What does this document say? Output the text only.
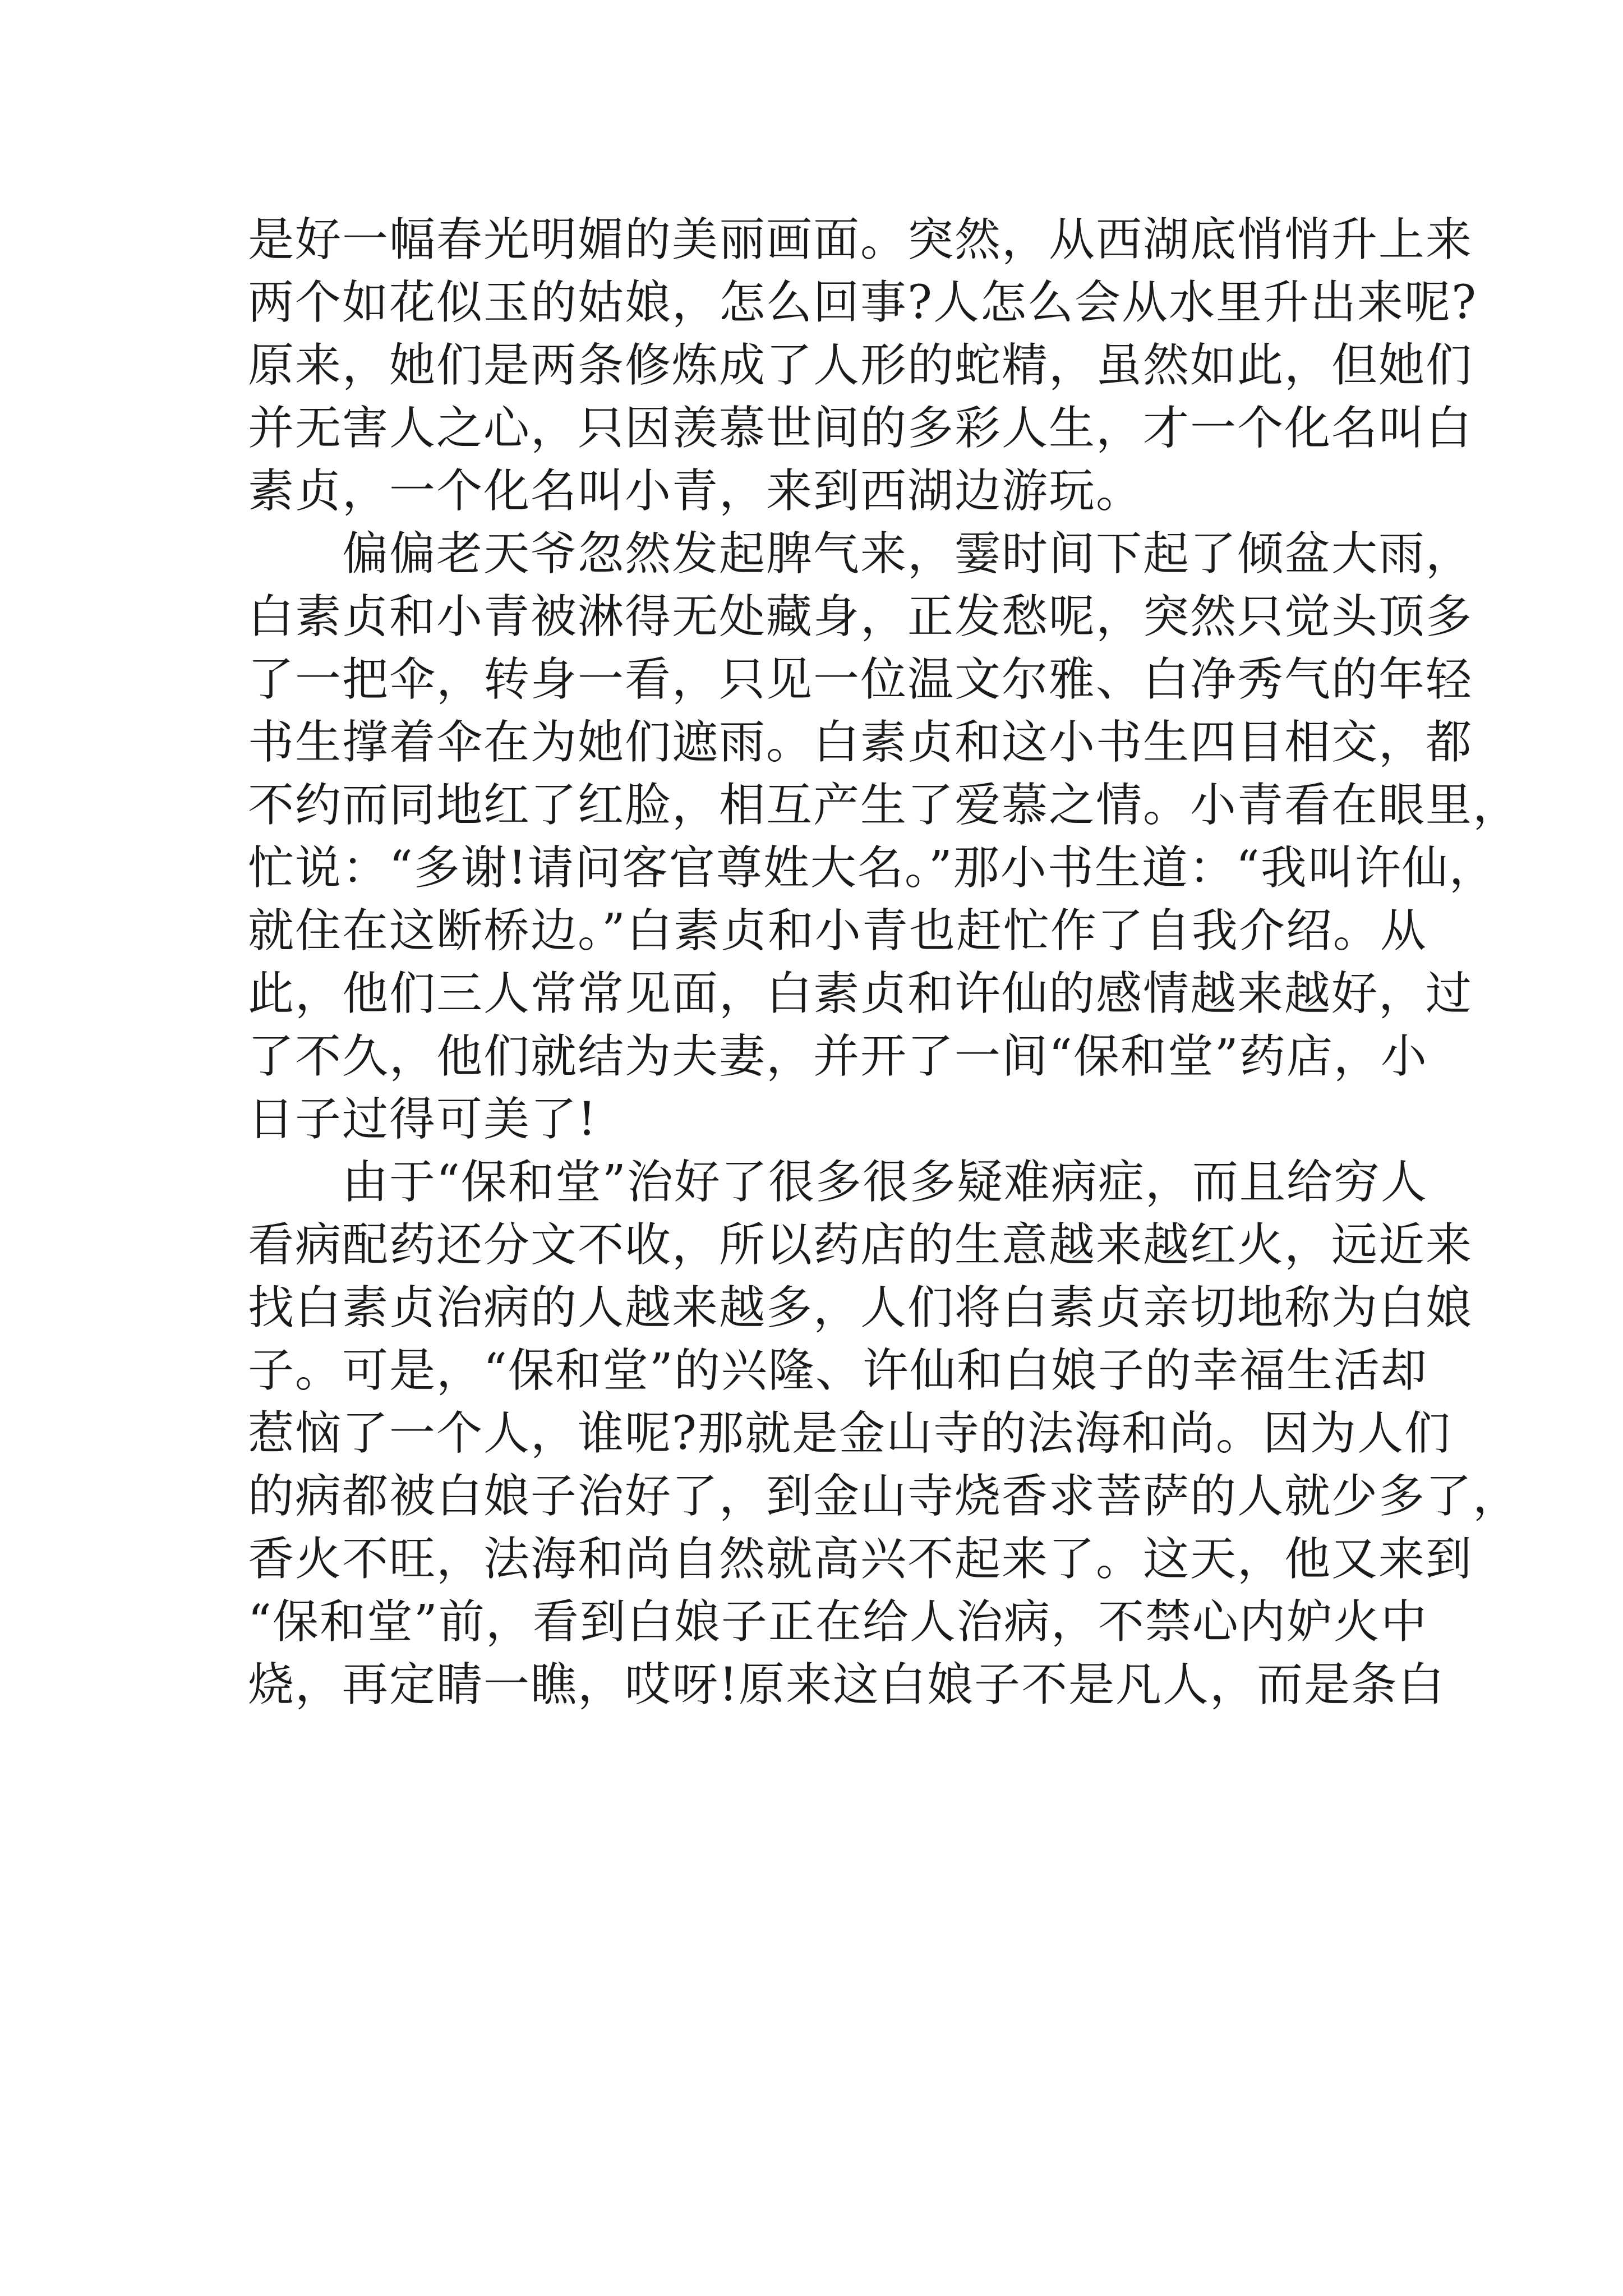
是好一幅春光明媚的美丽画面。突然，从西湖底悄悄升上来
两个如花似玉的姑娘，怎么回事?人怎么会从水里升出来呢?
原来，她们是两条修炼成了人形的蛇精，虽然如此，但她们
并无害人之心，只因羡慕世间的多彩人生，才一个化名叫白
素贞，一个化名叫小青，来到西湖边游玩。
偏偏老天爷忽然发起脾气来，霎时间下起了倾盆大雨，
白素贞和小青被淋得无处藏身，正发愁呢，突然只觉头顶多
了一把伞，转身一看，只见一位温文尔雅、白净秀气的年轻
书生撑着伞在为她们遮雨。白素贞和这小书生四目相交，都
不约而同地红了红脸，相互产生了爱慕之情。小青看在眼里，
忙说：“多谢!请问客官尊姓大名。”那小书生道：“我叫许仙，
就住在这断桥边。”白素贞和小青也赶忙作了自我介绍。从
此，他们三人常常见面，白素贞和许仙的感情越来越好，过
了不久，他们就结为夫妻，并开了一间“保和堂”药店，小
日子过得可美了!
由于“保和堂”治好了很多很多疑难病症，而且给穷人
看病配药还分文不收，所以药店的生意越来越红火，远近来
找白素贞治病的人越来越多，人们将白素贞亲切地称为白娘
子。可是，“保和堂”的兴隆、许仙和白娘子的幸福生活却
惹恼了一个人，谁呢?那就是金山寺的法海和尚。因为人们
的病都被白娘子治好了，到金山寺烧香求菩萨的人就少多了，
香火不旺，法海和尚自然就高兴不起来了。这天，他又来到
“保和堂”前，看到白娘子正在给人治病，不禁心内妒火中
烧，再定睛一瞧，哎呀!原来这白娘子不是凡人，而是条白
